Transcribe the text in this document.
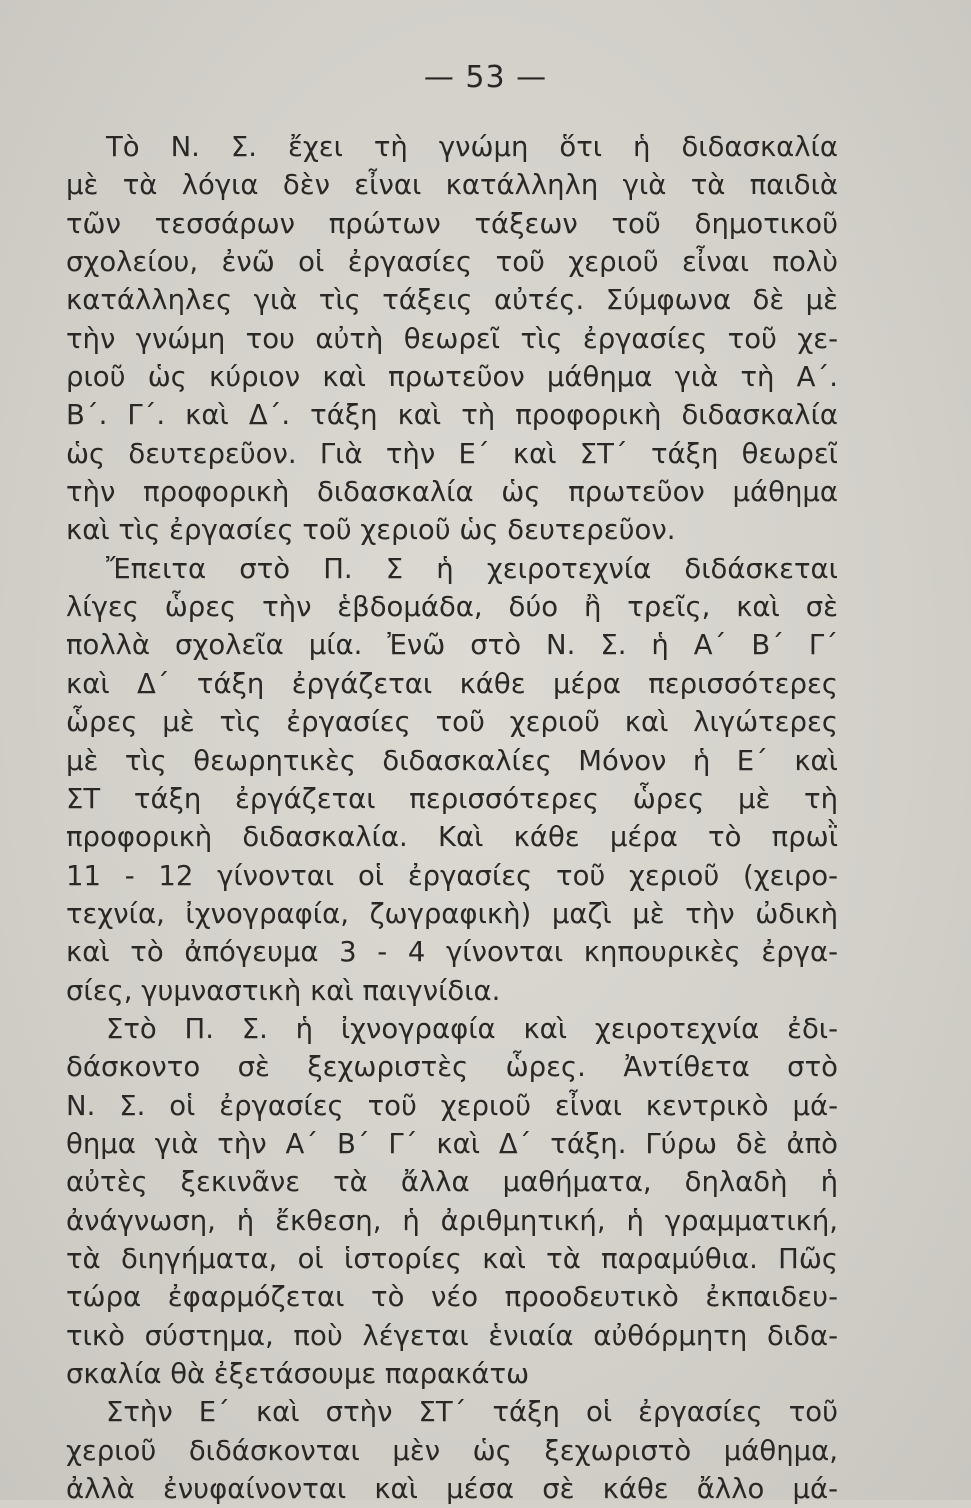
— 53 —
Τὸ Ν. Σ. ἔχει τὴ γνώμη ὅτι ἡ διδασκαλία
μὲ τὰ λόγια δὲν εἶναι κατάλληλη γιὰ τὰ παιδιὰ
τῶν τεσσάρων πρώτων τάξεων τοῦ δημοτικοῦ
σχολείου, ἐνῶ οἱ ἐργασίες τοῦ χεριοῦ εἶναι πολὺ
κατάλληλες γιὰ τὶς τάξεις αὐτές. Σύμφωνα δὲ μὲ
τὴν γνώμη του αὐτὴ θεωρεῖ τὶς ἐργασίες τοῦ χε-
ριοῦ ὡς κύριον καὶ πρωτεῦον μάθημα γιὰ τὴ Α΄.
Β΄. Γ΄. καὶ Δ΄. τάξη καὶ τὴ προφορικὴ διδασκαλία
ὡς δευτερεῦον. Γιὰ τὴν Ε΄ καὶ ΣΤ΄ τάξη θεωρεῖ
τὴν προφορικὴ διδασκαλία ὡς πρωτεῦον μάθημα
καὶ τὶς ἐργασίες τοῦ χεριοῦ ὡς δευτερεῦον.
Ἔπειτα στὸ Π. Σ ἡ χειροτεχνία διδάσκεται
λίγες ὧρες τὴν ἑβδομάδα, δύο ἢ τρεῖς, καὶ σὲ
πολλὰ σχολεῖα μία. Ἐνῶ στὸ Ν. Σ. ἡ Α΄ Β΄ Γ΄
καὶ Δ΄ τάξη ἐργάζεται κάθε μέρα περισσότερες
ὧρες μὲ τὶς ἐργασίες τοῦ χεριοῦ καὶ λιγώτερες
μὲ τὶς θεωρητικὲς διδασκαλίες Μόνον ἡ Ε΄ καὶ
ΣΤ τάξη ἐργάζεται περισσότερες ὧρες μὲ τὴ
προφορικὴ διδασκαλία. Καὶ κάθε μέρα τὸ πρωῒ
11 - 12 γίνονται οἱ ἐργασίες τοῦ χεριοῦ (χειρο-
τεχνία, ἰχνογραφία, ζωγραφικὴ) μαζὶ μὲ τὴν ὠδικὴ
καὶ τὸ ἀπόγευμα 3 - 4 γίνονται κηπουρικὲς ἐργα-
σίες, γυμναστικὴ καὶ παιγνίδια.
Στὸ Π. Σ. ἡ ἰχνογραφία καὶ χειροτεχνία ἐδι-
δάσκοντο σὲ ξεχωριστὲς ὧρες. Ἀντίθετα στὸ
Ν. Σ. οἱ ἐργασίες τοῦ χεριοῦ εἶναι κεντρικὸ μά-
θημα γιὰ τὴν Α΄ Β΄ Γ΄ καὶ Δ΄ τάξη. Γύρω δὲ ἀπὸ
αὐτὲς ξεκινᾶνε τὰ ἄλλα μαθήματα, δηλαδὴ ἡ
ἀνάγνωση, ἡ ἔκθεση, ἡ ἀριθμητική, ἡ γραμματική,
τὰ διηγήματα, οἱ ἱστορίες καὶ τὰ παραμύθια. Πῶς
τώρα ἐφαρμόζεται τὸ νέο προοδευτικὸ ἐκπαιδευ-
τικὸ σύστημα, ποὺ λέγεται ἑνιαία αὐθόρμητη διδα-
σκαλία θὰ ἐξετάσουμε παρακάτω
Στὴν Ε΄ καὶ στὴν ΣΤ΄ τάξη οἱ ἐργασίες τοῦ
χεριοῦ διδάσκονται μὲν ὡς ξεχωριστὸ μάθημα,
ἀλλὰ ἐνυφαίνονται καὶ μέσα σὲ κάθε ἄλλο μά-
